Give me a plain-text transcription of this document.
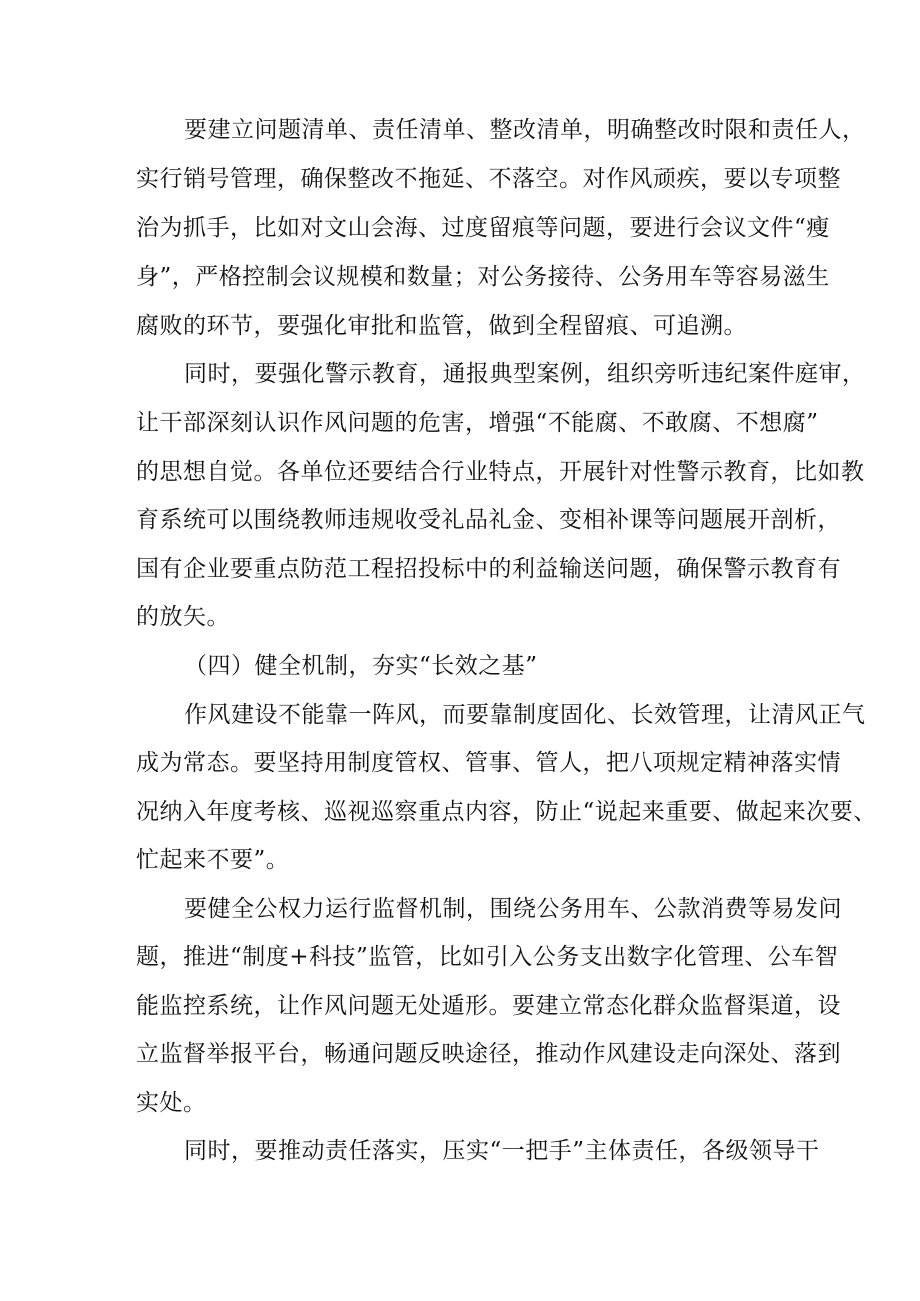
要建立问题清单、责任清单、整改清单，明确整改时限和责任人，
实行销号管理，确保整改不拖延、不落空。对作风顽疾，要以专项整
治为抓手，比如对文山会海、过度留痕等问题，要进行会议文件“瘦
身”，严格控制会议规模和数量；对公务接待、公务用车等容易滋生
腐败的环节，要强化审批和监管，做到全程留痕、可追溯。
同时，要强化警示教育，通报典型案例，组织旁听违纪案件庭审，
让干部深刻认识作风问题的危害，增强“不能腐、不敢腐、不想腐”
的思想自觉。各单位还要结合行业特点，开展针对性警示教育，比如教
育系统可以围绕教师违规收受礼品礼金、变相补课等问题展开剖析，
国有企业要重点防范工程招投标中的利益输送问题，确保警示教育有
的放矢。
（四）健全机制，夯实“长效之基”
作风建设不能靠一阵风，而要靠制度固化、长效管理，让清风正气
成为常态。要坚持用制度管权、管事、管人，把八项规定精神落实情
况纳入年度考核、巡视巡察重点内容，防止“说起来重要、做起来次要、
忙起来不要”。
要健全公权力运行监督机制，围绕公务用车、公款消费等易发问
题，推进“制度+科技”监管，比如引入公务支出数字化管理、公车智
能监控系统，让作风问题无处遁形。要建立常态化群众监督渠道，设
立监督举报平台，畅通问题反映途径，推动作风建设走向深处、落到
实处。
同时，要推动责任落实，压实“一把手”主体责任，各级领导干
